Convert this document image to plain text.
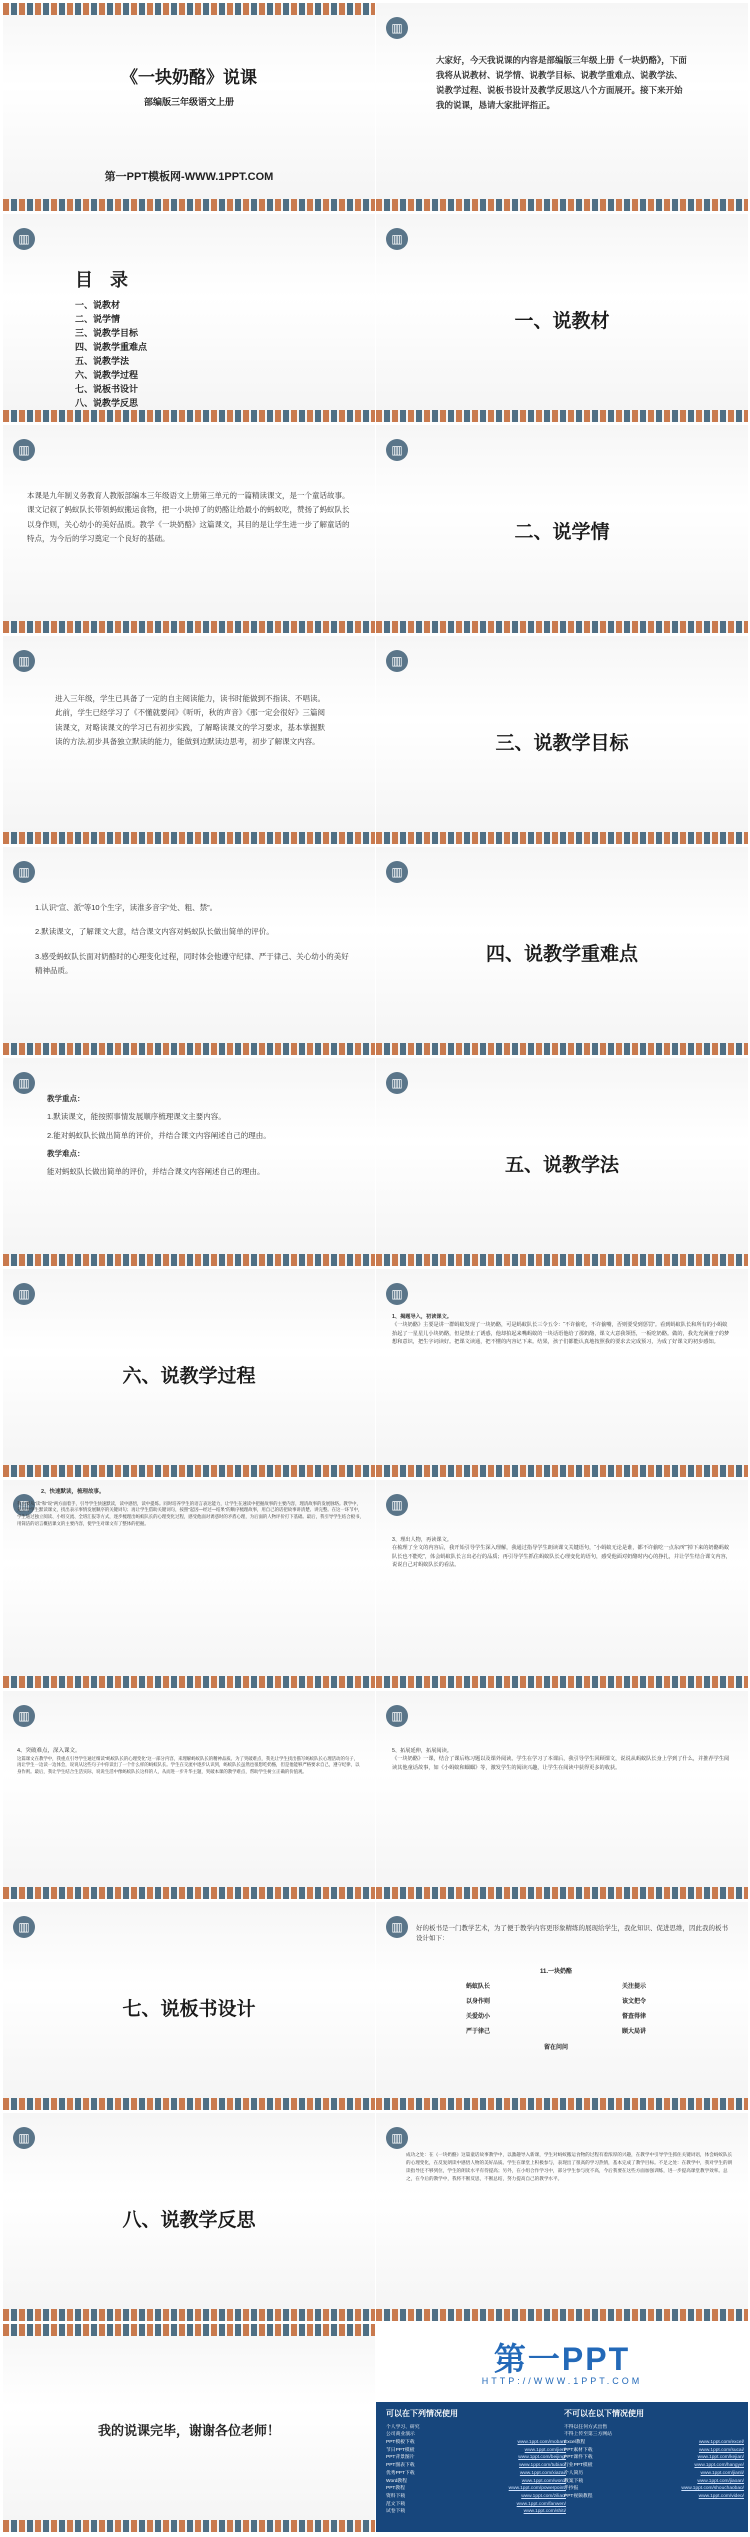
《一块奶酪》说课
部编版三年级语文上册
第一PPT模板网-WWW.1PPT.COM
▥
大家好，今天我说课的内容是部编版三年级上册《一块奶酪》，下面我将从说教材、说学情、说教学目标、说教学重难点、说教学法、说教学过程、说板书设计及教学反思这八个方面展开。接下来开始我的说课，恳请大家批评指正。
▥
目 录
一、说教材
二、说学情
三、说教学目标
四、说教学重难点
五、说教学法
六、说教学过程
七、说板书设计
八、说教学反思
▥
一、说教材
▥
本课是九年制义务教育人教版部编本三年级语文上册第三单元的一篇精读课文，是一个童话故事。课文记叙了蚂蚁队长带领蚂蚁搬运食物，把一小块掉了的奶酪让给最小的蚂蚁吃，赞扬了蚂蚁队长以身作则，关心幼小的美好品质。教学《一块奶酪》这篇课文，其目的是让学生进一步了解童话的特点，为今后的学习奠定一个良好的基础。
▥	二、说学情
▥
进入三年级，学生已具备了一定的自主阅读能力，读书时能做到不指读、不唱读。此前，学生已经学习了《不懂就要问》《听听，秋的声音》《那一定会很好》三篇阅读课文，对略读课文的学习已有初步实践，了解略读课文的学习要求，基本掌握默读的方法,初步具备独立默读的能力，能做到边默读边思考，初步了解课文内容。
▥	三、说教学目标
▥

1.认识“宣、派”等10个生字，读准多音字“处、粗、禁”。

2.默读课文，了解课文大意，结合课文内容对蚂蚁队长做出简单的评价。

3.感受蚂蚁队长面对奶酪时的心理变化过程，同时体会他遵守纪律、严于律己、关心幼小的美好精神品质。

▥
四、说教学重难点
▥

教学重点：

1.默读课文，能按照事情发展顺序梳理课文主要内容。

2.能对蚂蚁队长做出简单的评价，并结合课文内容阐述自己的理由。

教学难点：

能对蚂蚁队长做出简单的评价，并结合课文内容阐述自己的理由。

▥	五、说教学法
▥
六、说教学过程
▥

1、揭题导入，初读课文。

《一块奶酪》主要是讲一群蚂蚁发现了一块奶酪，可是蚂蚁队长三令五令：“不许偷吃，不许偷嘴，否则要受到惩罚”。看到蚂蚁队长和所有的小蚂蚁抬起了一星星儿小块奶酪，但是禁止了诱惑，他却拍起来嘴蚂蚁的一块话语他给了那奶酪，课文大意我领悟，一板吃奶酪。做的，我先充满童子的梦想和意识，把生字词读好。把课文读通，把不懂的内容记下来。结果，孩子们都能认真地按照我的要求去完成预习，为成了好课文的初步感知。

▥

2、快速默读，梳理故事。

我主要从“读”和“说”两方面着手，引导学生快速默读，读中感悟，读中提炼。同时培养学生的语言表达能力，让学生在速读中把握故事的主要内容，理清故事的发展脉络。教学中，先引导学生默读课文，找出表示事情发展顺序的关键词句；再让学生借助关键词句，按照“起因—经过—结果”的顺序梳理故事，用自己的话把故事讲清楚、讲完整。在这一环节中，学生通过独立阅读、小组交流、全班汇报等方式，逐步梳理出蚂蚁队长的心理变化过程，感受他面对诱惑时的矛盾心理，为后面的人物评价打下基础。最后，我引导学生结合板书，用简洁的语言概括课文的主要内容，使学生对课文有了整体的把握。

▥

3、理出人物，再读课文。

在梳理了全文的内容后，我开始引导学生深入理解，我通过指导学生朗读课文关键语句，“小蚂蚁无论是谁，都不许偷吃一点东西”“掉下来的奶酪蚂蚁队长也不能吃”，体会蚂蚁队长言出必行的品质；再引导学生抓住蚂蚁队长心理变化的语句，感受他面对奶酪时内心的挣扎，并让学生结合课文内容，说说自己对蚂蚁队长的看法。

▥

4、突破难点，深入课文。

这篇课文在教学中，我重点引导学生通过细读“蚂蚁队长的心理变化”这一部分内容，来理解蚂蚁队长的精神品质。为了突破难点，我先让学生找出描写蚂蚁队长心理活动的句子，再让学生一边读一边体会，说说从这些句子中你读出了一个什么样的蚂蚁队长。学生在交流中逐步认识到，蚂蚁队长虽然也很想吃奶酪，但是他能够严格要求自己，遵守纪律，以身作则。最后，我让学生结合生活实际，说说生活中像蚂蚁队长这样的人，从而进一步升华主题，突破本课的教学难点，帮助学生树立正确的价值观。

▥

5、拓展延伸，拓展阅读。

《一块奶酪》一课，结合了课后练习题以及课外阅读。学生在学习了本课后，我引导学生回顾课文，说说从蚂蚁队长身上学到了什么，并推荐学生阅读其他童话故事，如《小蚂蚁和蝈蝈》等，激发学生的阅读兴趣，让学生在阅读中获得更多的收获。

▥
七、说板书设计
▥
好的板书是一门教学艺术，为了便于教学内容更形象精练的展现给学生，我化知识、促进思维，因此我的板书设计如下：
11.一块奶酪
蚂蚁队长	关注提示
以身作则	该文把令
关爱幼小	督查得律
严于律己	顾大局讲
留在问问
▥
八、说教学反思
▥
成功之处：在《一块奶酪》这篇童话故事教学中，以激趣导入新课，学生对蚂蚁搬运食物的过程有着浓厚的兴趣，在教学中引导学生抓住关键词语，体会蚂蚁队长的心理变化，在反复朗读中感悟人物的美好品质。学生在课堂上积极参与，表现出了很高的学习热情，基本完成了教学目标。不足之处：在教学中，我对学生的朗读指导还不够到位，学生的朗读水平有待提高；另外，在小组合作学习中，部分学生参与度不高，今后我要在这些方面加强训练，进一步提高课堂教学效率。总之，在今后的教学中，我将不断反思，不断总结，努力提高自己的教学水平。
我的说课完毕，谢谢各位老师！
第一PPT
HTTP://WWW.1PPT.COM
可以在下列情况使用
个人学习、研究
公司商业演示
PPT模板下载	www.1ppt.com/moban/
节日PPT模板	www.1ppt.com/jieri/
PPT背景图片	www.1ppt.com/beijing/
PPT图表下载	www.1ppt.com/tubiao/
优秀PPT下载	www.1ppt.com/xiazai/
Word教程	www.1ppt.com/word/
PPT教程	www.1ppt.com/powerpoint/
资料下载	www.1ppt.com/ziliao/
范文下载	www.1ppt.com/fanwen/
试卷下载	www.1ppt.com/shiti/
不可以在以下情况使用
不得以任何方式出售
不得上传至第三方网站
Excel教程	www.1ppt.com/excel/
PPT素材下载	www.1ppt.com/sucai/
PPT课件下载	www.1ppt.com/kejian/
行业PPT模板	www.1ppt.com/hangye/
个人简历	www.1ppt.com/jianli/
教案下载	www.1ppt.com/jiaoan/
手抄报	www.1ppt.com/shouchaobao/
PPT视频教程	www.1ppt.com/video/
